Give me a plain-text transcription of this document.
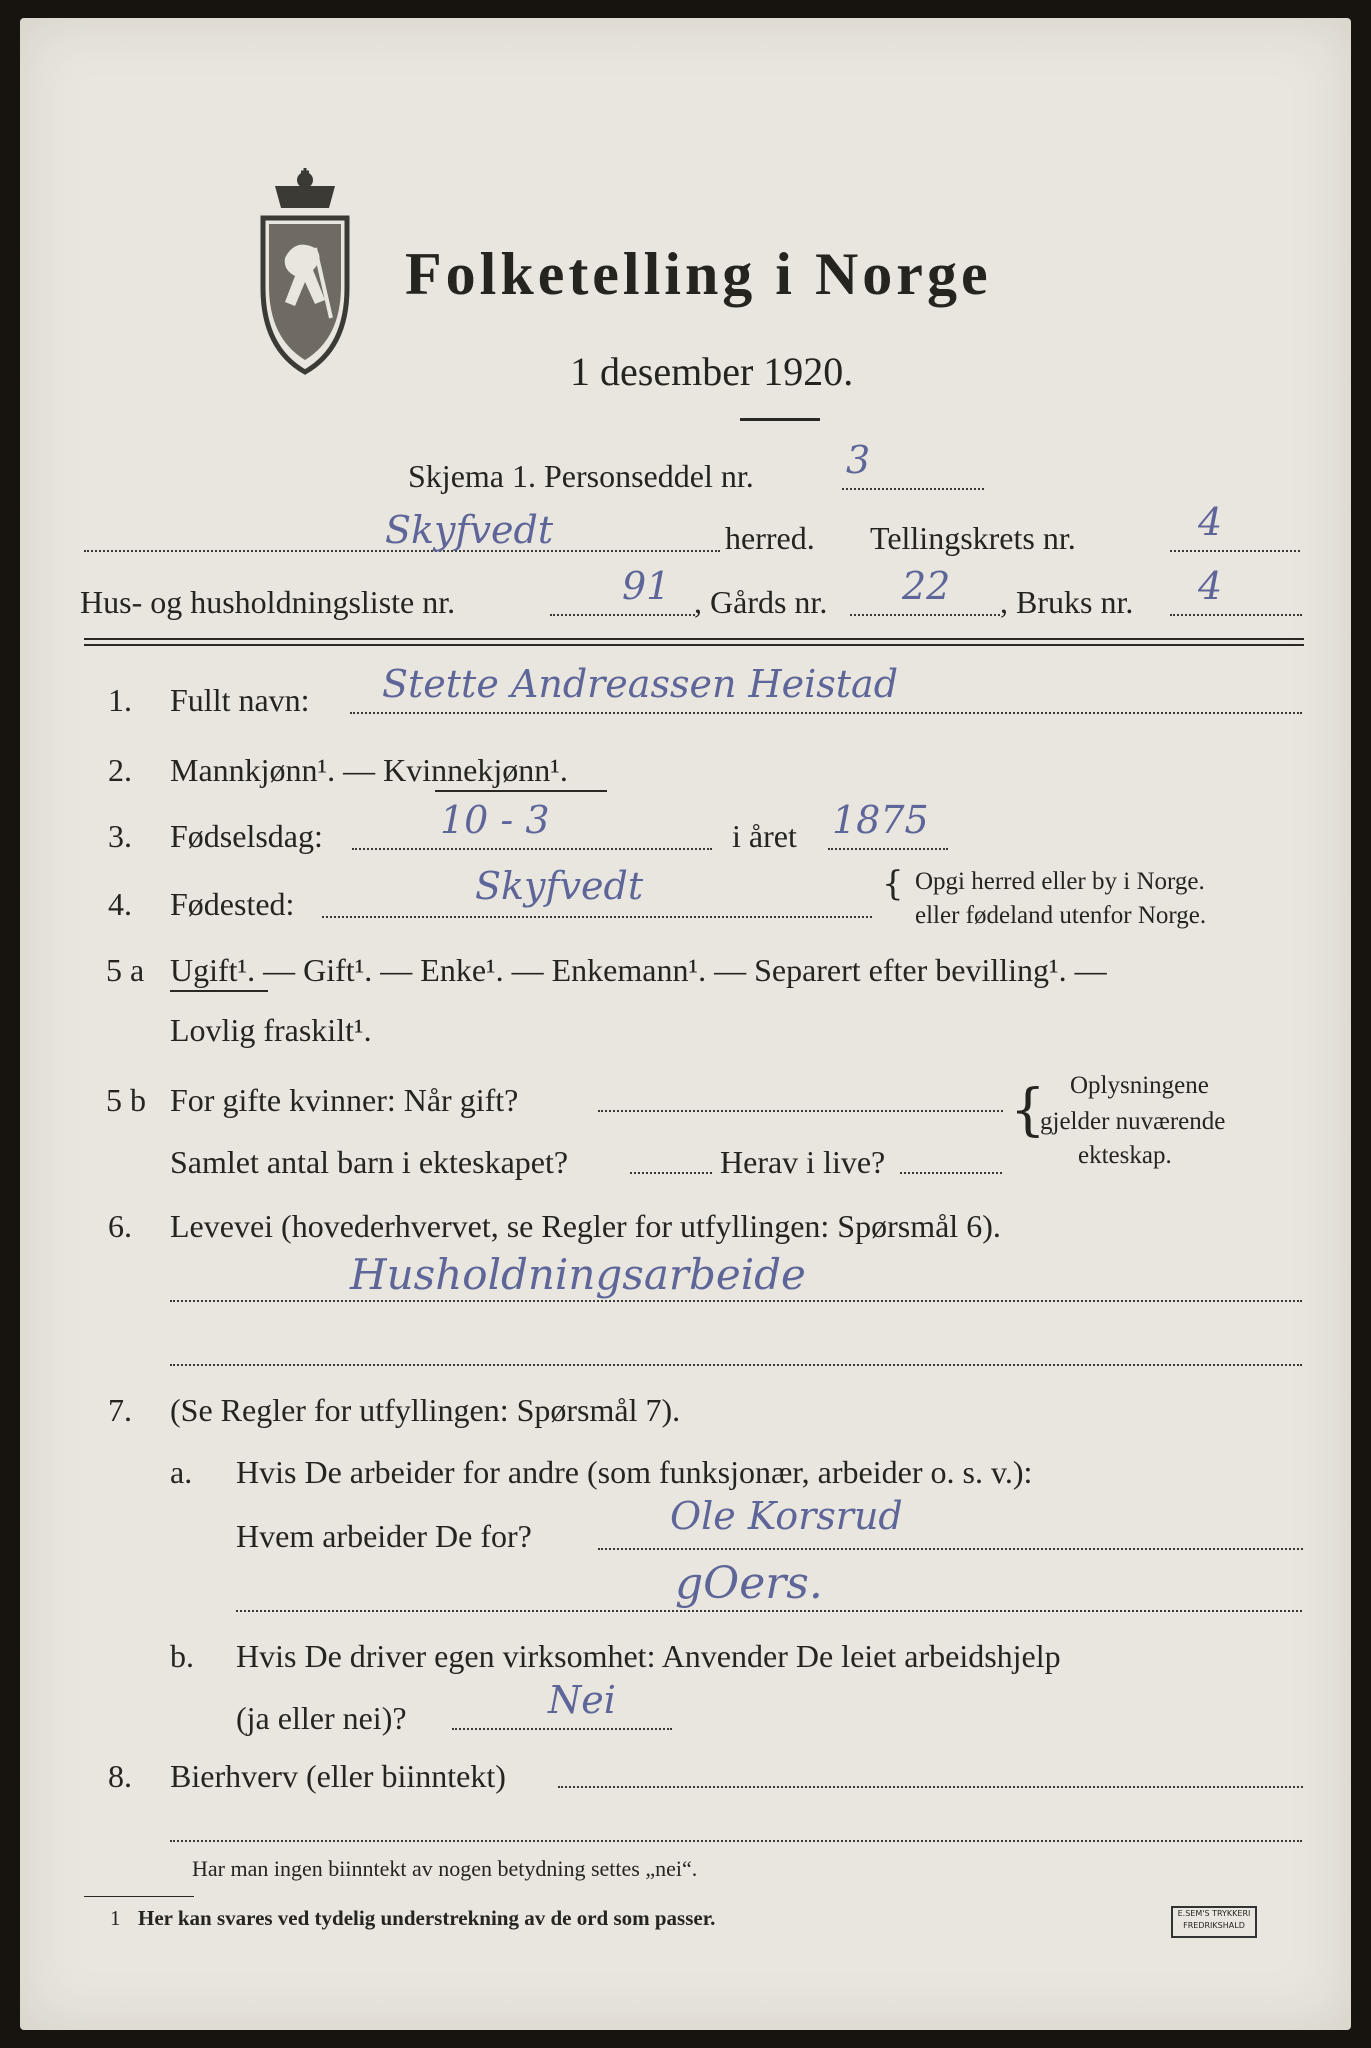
Folketelling i Norge
1 desember 1920.
Skjema 1. Personseddel nr. 3
Skyfvedt	herred. Tellingskrets nr.	4
Hus- og husholdningsliste nr.	91 , Gårds nr. 22 , Bruks nr. 4
1. Fullt navn: Stette Andreassen Heistad
2. Mannkjønn¹. — Kvinnekjønn¹.
3. Fødselsdag:	10 - 3	i året 1875
4. Fødested:	Skyfvedt	{ Opgi herred eller by i Norge.
eller fødeland utenfor Norge.
5 a Ugift¹. — Gift¹. — Enke¹. — Enkemann¹. — Separert efter bevilling¹. —
Lovlig fraskilt¹.
5 b For gifte kvinner: Når gift?
Samlet antal barn i ekteskapet?	Herav i live?
{ Oplysningene
gjelder nuværende
ekteskap.
6. Levevei (hovederhvervet, se Regler for utfyllingen: Spørsmål 6).
Husholdningsarbeide
7. (Se Regler for utfyllingen: Spørsmål 7).
a. Hvis De arbeider for andre (som funksjonær, arbeider o. s. v.):
Hvem arbeider De for?	Ole Korsrud
gOers.
b. Hvis De driver egen virksomhet: Anvender De leiet arbeidshjelp
(ja eller nei)?	Nei
8. Bierhverv (eller biinntekt)
Har man ingen biinntekt av nogen betydning settes „nei“.
1 Her kan svares ved tydelig understrekning av de ord som passer.	E.SEM'S TRYKKERI FREDRIKSHALD
